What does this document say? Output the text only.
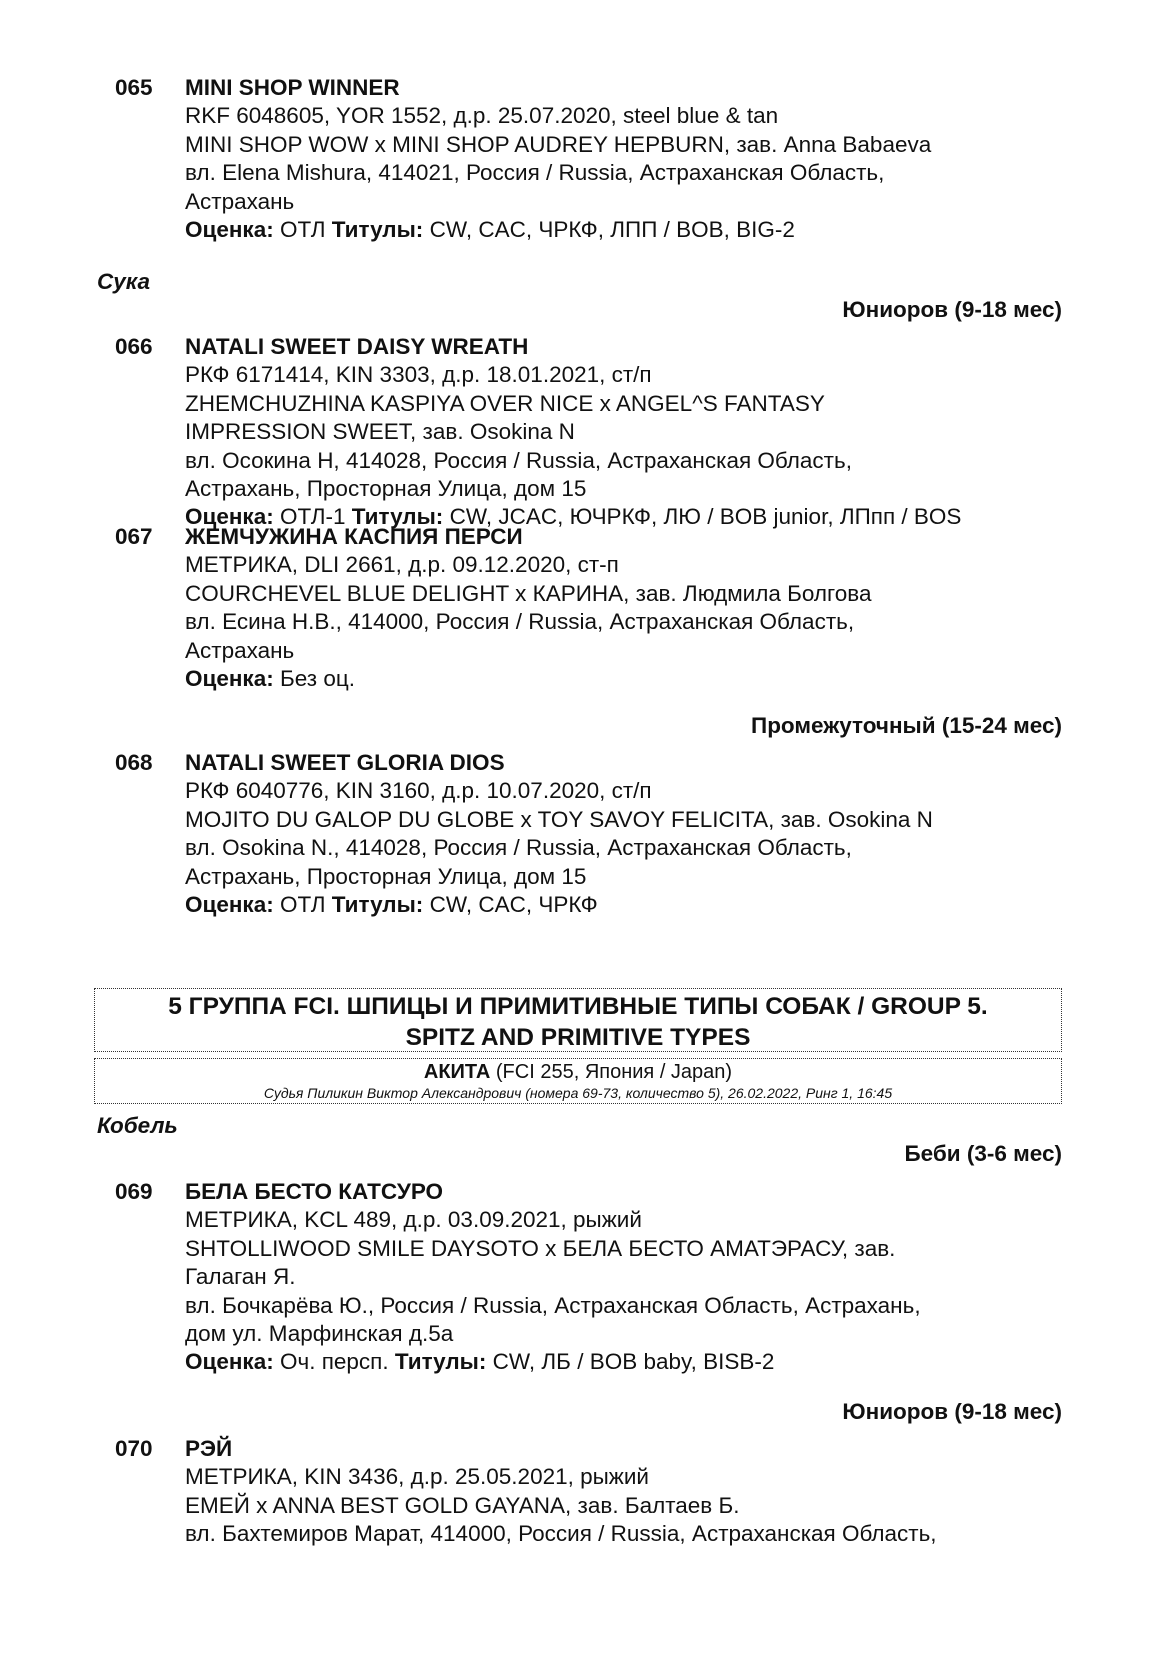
065 MINI SHOP WINNER
RKF 6048605, YOR 1552, д.р. 25.07.2020, steel blue & tan
MINI SHOP WOW x MINI SHOP AUDREY HEPBURN, зав. Anna Babaeva
вл. Elena Mishura, 414021, Россия / Russia, Астраханская Область,
Астрахань
Оценка: ОТЛ Титулы: CW, CAC, ЧРКФ, ЛПП / BOB, BIG-2
Сука
Юниоров (9-18 мес)
066 NATALI SWEET DAISY WREATH
РКФ 6171414, KIN 3303, д.р. 18.01.2021, ст/п
ZHEMCHUZHINA KASPIYA OVER NICE x ANGEL^S FANTASY
IMPRESSION SWEET, зав. Osokina N
вл. Осокина Н, 414028, Россия / Russia, Астраханская Область,
Астрахань, Просторная Улица, дом 15
Оценка: ОТЛ-1 Титулы: CW, JCAC, ЮЧРКФ, ЛЮ / BOB junior, ЛПпп / BOS
067 ЖЕМЧУЖИНА КАСПИЯ ПЕРСИ
МЕТРИКА, DLI 2661, д.р. 09.12.2020, ст-п
COURCHEVEL BLUE DELIGHT x КАРИНА, зав. Людмила Болгова
вл. Есина Н.В., 414000, Россия / Russia, Астраханская Область,
Астрахань
Оценка: Без оц.
Промежуточный (15-24 мес)
068 NATALI SWEET GLORIA DIOS
РКФ 6040776, KIN 3160, д.р. 10.07.2020, ст/п
MOJITO DU GALOP DU GLOBE x TOY SAVOY FELICITA, зав. Osokina N
вл. Osokina N., 414028, Россия / Russia, Астраханская Область,
Астрахань, Просторная Улица, дом 15
Оценка: ОТЛ Титулы: CW, CAC, ЧРКФ
5 ГРУППА FCI. ШПИЦЫ И ПРИМИТИВНЫЕ ТИПЫ СОБАК / GROUP 5.
SPITZ AND PRIMITIVE TYPES
АКИТА (FCI 255, Япония / Japan)
Судья Пиликин Виктор Александрович (номера 69-73, количество 5), 26.02.2022, Ринг 1, 16:45
Кобель
Беби (3-6 мес)
069 БЕЛА БЕСТО КАТСУРО
МЕТРИКА, KCL 489, д.р. 03.09.2021, рыжий
SHTOLLIWOOD SMILE DAYSOTO x БЕЛА БЕСТО АМАТЭРАСУ, зав.
Галаган Я.
вл. Бочкарёва Ю., Россия / Russia, Астраханская Область, Астрахань,
дом ул. Марфинская д.5а
Оценка: Оч. персп. Титулы: CW, ЛБ / BOB baby, BISB-2
Юниоров (9-18 мес)
070 РЭЙ
МЕТРИКА, KIN 3436, д.р. 25.05.2021, рыжий
ЕМЕЙ x ANNA BEST GOLD GAYANA, зав. Балтаев Б.
вл. Бахтемиров Марат, 414000, Россия / Russia, Астраханская Область,
